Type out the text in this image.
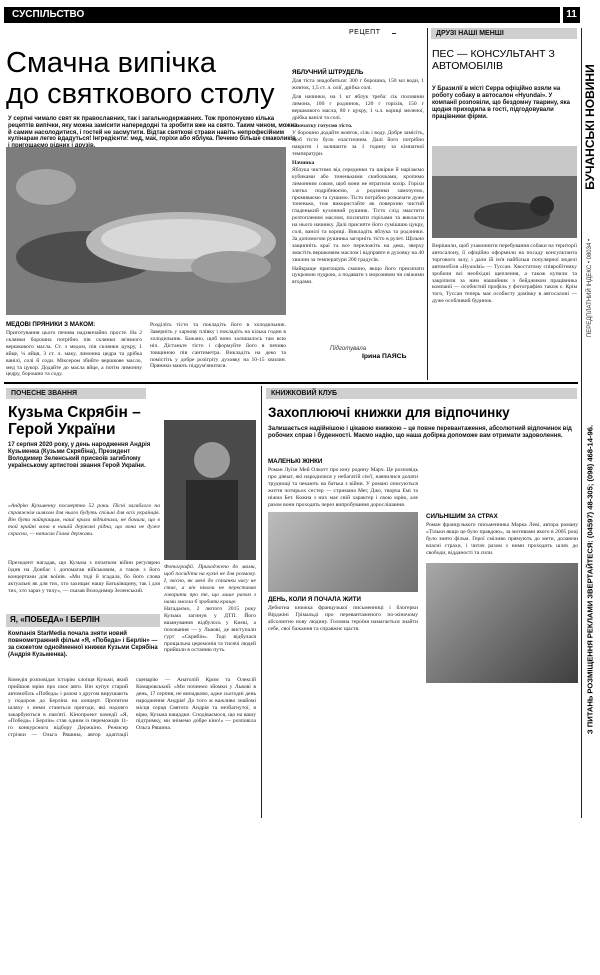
СУСПІЛЬСТВО	11
БУЧАНСЬКІ НОВИНИ
ПЕРЕДПЛАТНИЙ ІНДЕКС • 08034 •
З ПИТАНЬ РОЗМІЩЕННЯ РЕКЛАМИ ЗВЕРТАЙТЕСЯ: (04597) 48-305; (098) 468-14-96.
РЕЦЕПТ
Смачна випічка
до святкового столу
У серпні чимало свят як православних, так і загальнодержавних. Тож пропонуємо кілька рецептів випічки, яку можна замісити напередодні та зробити вже на свято. Таким чином, можна й самим насолодитися, і гостей не засмутити. Відтак святкові страви навіть непрофесійним кулінарам легко вдадуться! Інгредієнти: мед, мак, горіхи або яблука. Печемо більше смаколиків
МЕДОВІ ПРЯНИКИ З МАКОМ:
Приготування цього печива надзвичайно просте. На 2 склянки борошна потрібно пів склянки зв'язного вершкового масла. Ст. з медом, пів склянки цукру, 1 яйце, ¼ яйця, 3 ст. л. маку, лимонна цедра та дрібка ванілі, солі й соди. Міксером збийте вершкове масло, мед та цукор. Додайте до масла яйце, а потім лимонну цедру, борошно та соду.
Розділіть тісто та покладіть його в холодильник. Заверніть у харчову плівку і покладіть на кілька годин в холодильник. Бажано, щоб воно залишалось там всю ніч. Дістаньте тісто і сформуйте його в печиво товщиною пів сантиметра. Викладіть на деко та помістіть у добре розігріту духовку на 10-15 хвилин. Пряники мають підрум'янитися.
ЯБЛУЧНИЙ ШТРУДЕЛЬ
Для тіста знадобиться: 300 г борошна, 150 мл води, 1 жовток, 1,5 ст. л. олії, дрібка солі.
Для начинки, на 1 кг яблук треба: сік половини лимона, 100 г родзинок, 120 г горіхів, 150 г вершкового масла, 80 г цукру, 1 ч.л. кориці меленої, дрібка ванілі та солі.
Спочатку готуємо тісто.
У борошно додайте жовток, сіль і воду. Добре замісіть, щоб тісто було еластичним. Далі його потрібно накрити і залишити за 1 годину за кімнатної температури.
Начинка
Яблука чистимо від серединки та шкірки й нарізаємо кубиками або тоненькими скибочками, кропимо лимонним соком, щоб вони не втратили колір. Горіхи злегка подрібнюємо, а родзинки замочуємо, промиваємо та сушимо. Тісто потрібно розкачати дуже тоненько, тож використайте як поверхню чистий гладенький кухонний рушник. Тісто слід змастити розтопленим маслом, посипати горіхами та викласти на нього начинку. Далі присипте його сумішшю цукру, солі, ванілі та кориці. Викладіть яблука та родзинки. За допомогою рушника загорніть тісто в рулет. Щільно защипніть краї та все переложіть на деко, зверху змастіть вершковим маслом і відправте в духовку на 40 хвилин за температури 200 градусів.
Найкраще пригощать смачно, якщо його присипати цукровою пудрою, а подавати з морозивом чи свіжими ягодами.
Підготувала
Ірина ПАЯСЬ
ДРУЗІ НАШІ МЕНШІ
ПЕС — КОНСУЛЬТАНТ З АВТОМОБІЛІВ
У Бразилії в місті Серра офіційно взяли на роботу собаку в автосалон «Hyundai». У компанії розповіли, що бездомну тварину, яка щодня приходила в гості, підгодовували працівники фірми.
Вирішили, щоб узакониити перебування собаки на території автосалону, її офіційно оформили на посаду консультанта торгового залу, і дали їй ім'я найбільш популярної моделі автомобіля «Hyundai» — Тусcан. Хвостатому співробітнику зробили всі необхідні щеплення, а також купили та закріпили за ним нашийник з бейджиком працівника компанії — особистий профіль у фотографіях також є. Крім того, Тусcан теперь має особисту домівку в автосалоні — дуже особливий будинок.
ПОЧЕСНЕ ЗВАННЯ
Кузьма Скрябін –
Герой України
17 серпня 2020 року, у день народження Андрія Кузьменка (Кузьми Скрябіна), Президент Володимир Зеленський присвоїв загиблому українському артистові звання Герой України.
«Андрію Кузьменку посмертно 52 роки. Пісні загиблого на справжнім шляхом для нього будуть спільні для всіх українців. Він бути найкращим, наші крила відпитали, не бачили, що в той крайні вона в нашій державі рідна, що вона не дуже скрасна, — написав Глава держави.
Президент нагадав, що Кузьма з початком війни регулярно їздив на Донбас і допомагав військовим, а також з його концертами для воїнів. «Ми тоді й згадала, бо його слова актуальні як для тих, хто захищає нашу Батьківщину, так і для тих, хто зараз у тилу», — сказав Володимир Зеленський.
Фотографії. Приходжено до мами, щоб посидіти на кухні не для розмову. І, звісно, як мені до співанки часу не стає, а він ніколи не переставав говорити про те, що лише разом з нами змогли б зробити краще.
Нагадаємо, 2 лютого 2015 року Кузьма загинув у ДТП. Його вшанування відбулось у Києві, а поховання — у Львові, де виступали гурт «Скрябін». Тоді відбулася прощальна церемонія та тисячі людей прийшли в останню путь.
Я, «ПОБЕДА» І БЕРЛІН
Компанія StarMedia почала зняти новий повнометражний фільм «Я, «Победа» і Берлін» — за сюжетом однойменної книжки Кузьми Скрябіна (Андрія Кузьменка).
Комедія розповідає історію хлопця Кузьмі, який прийшов мрію про своє авто. Він купує старий автомобіль «Победа» і разом з другом вирушають у подорож до Берліна на концерт. Протягом шляху з ними стаються пригоди, які надовго закарбуються в пам'яті. Кінопроект комедії «Я, «Победа» і Берлін» став одним із переможців 11-го конкурсного відбору Держкіно. Режисер стрічки — Ольга Ряшина, автор адаптації сценарію — Анатолій Крим та Олексій Комаровський. «Ми почнемо зйомки у Львові в день, 17 серпня, не випадково, адже сьогодні день народження Андрія! До того ж важливо знайомі місця серця Святого Андрія та незбагнутої, я вірю, Кузьма нащадки. Сподіваємося, що на вашу підтримку, ми знімемо добре кіно!» — розповіла Ольга Ряшина.
КНИЖКОВИЙ КЛУБ
Захоплюючі книжки для відпочинку
Залишається надійнішою і цікавою книжкою – це повне перевантаження, абсолютний відпочинок від робочих справ і буденності. Маємо надію, що наша добірка допоможе вам отримати задоволення.
МАЛЕНЬКІ ЖІНКИ
Роман Луїзи Мей Олкотт про юну родину Марч. Це розповідь про дівчат, які народилися у небагатій сім'ї, навчилися долати труднощі та чекають на батька з війни. У романі описуються життя чотирьох сестер — стримана Мег, Джо, творча Емі та ніжна Бет. Кожна з них має свій характер і свою мрію, але разом вони проходять через випробування дорослішання.
ДЕНЬ, КОЛИ Я ПОЧАЛА ЖИТИ
Дебютна книжка французької письменниці і блогерки Вірджіні Грімальді про перевантаженого по-жіночому абсолютно нову людину. Головна героїня намагається знайти себе, свої бажання та справжнє щастя.
СИЛЬНІШИМ ЗА СТРАХ
Роман французького письменника Марка Леві, автора роману «Тільки якщо це було правдою», за мотивами якого в 2005 році було знято фільм. Герої сміливо прямують до мети, долаючи власні страхи, і читач разом з ними проходить шлях до свободи, відданості та сили.
